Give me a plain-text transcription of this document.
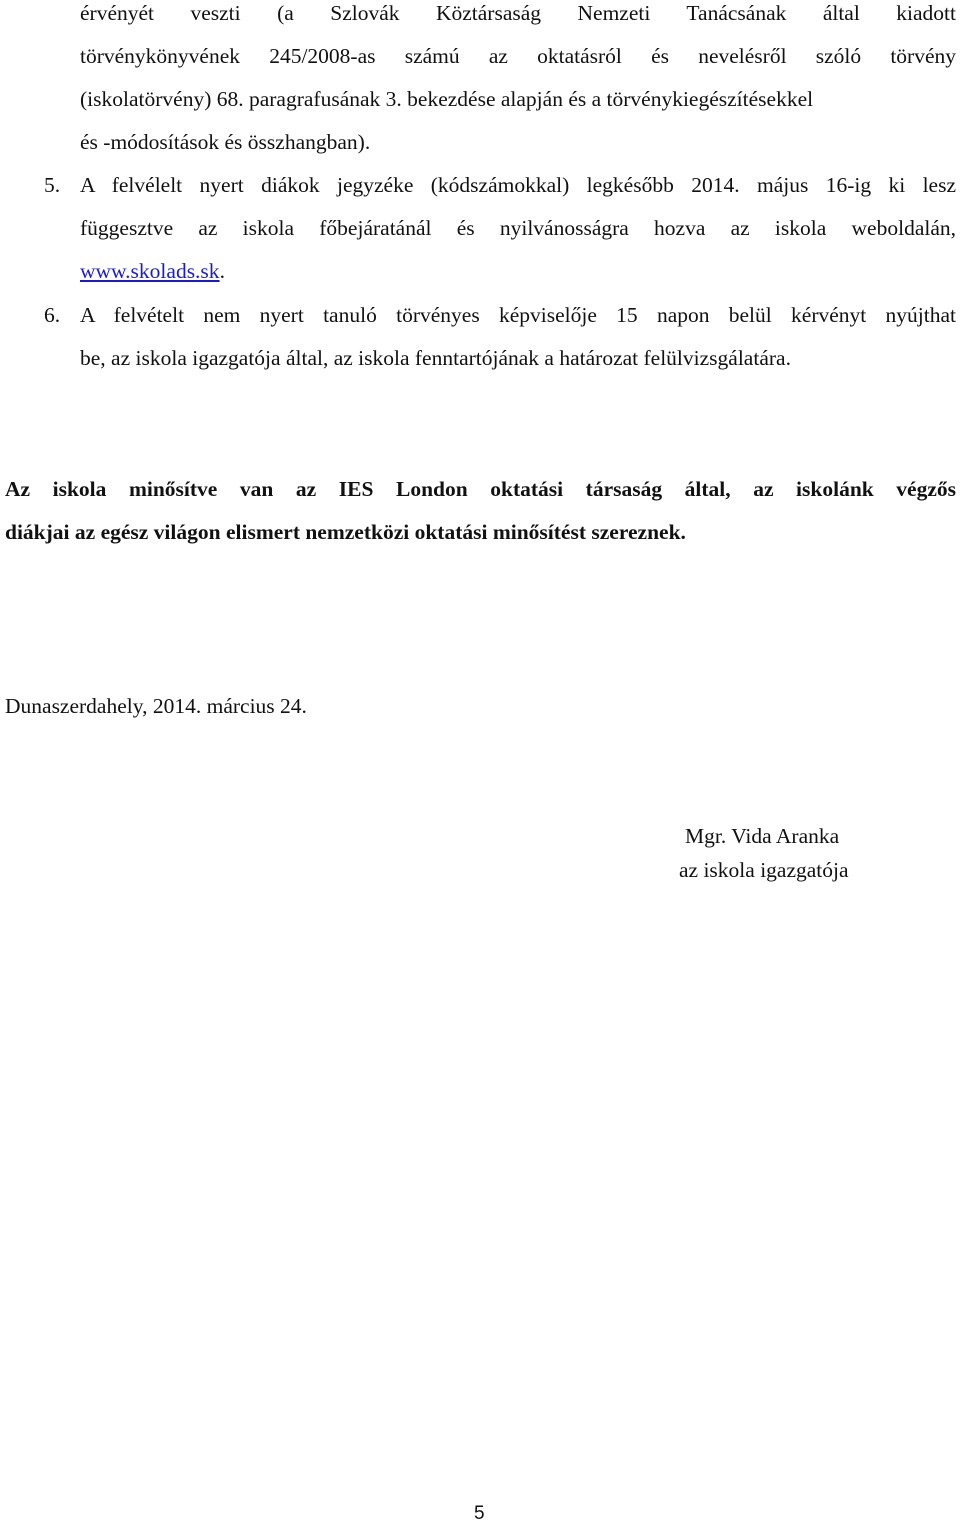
érvényét veszti (a Szlovák Köztársaság Nemzeti Tanácsának által kiadott
törvénykönyvének 245/2008-as számú az oktatásról és nevelésről szóló törvény
(iskolatörvény) 68. paragrafusának 3. bekezdése alapján és a törvénykiegészítésekkel
és -módosítások és összhangban).
5. A felvélelt nyert diákok jegyzéke (kódszámokkal) legkésőbb 2014. május 16-ig ki lesz
függesztve az iskola főbejáratánál és nyilvánosságra hozva az iskola weboldalán,
www.skolads.sk.
6. A felvételt nem nyert tanuló törvényes képviselője 15 napon belül kérvényt nyújthat
be, az iskola igazgatója által, az iskola fenntartójának a határozat felülvizsgálatára.
Az iskola minősítve van az IES London oktatási társaság által, az iskolánk végzős
diákjai az egész világon elismert nemzetközi oktatási minősítést szereznek.
Dunaszerdahely, 2014. március 24.
Mgr. Vida Aranka
az iskola igazgatója
5
